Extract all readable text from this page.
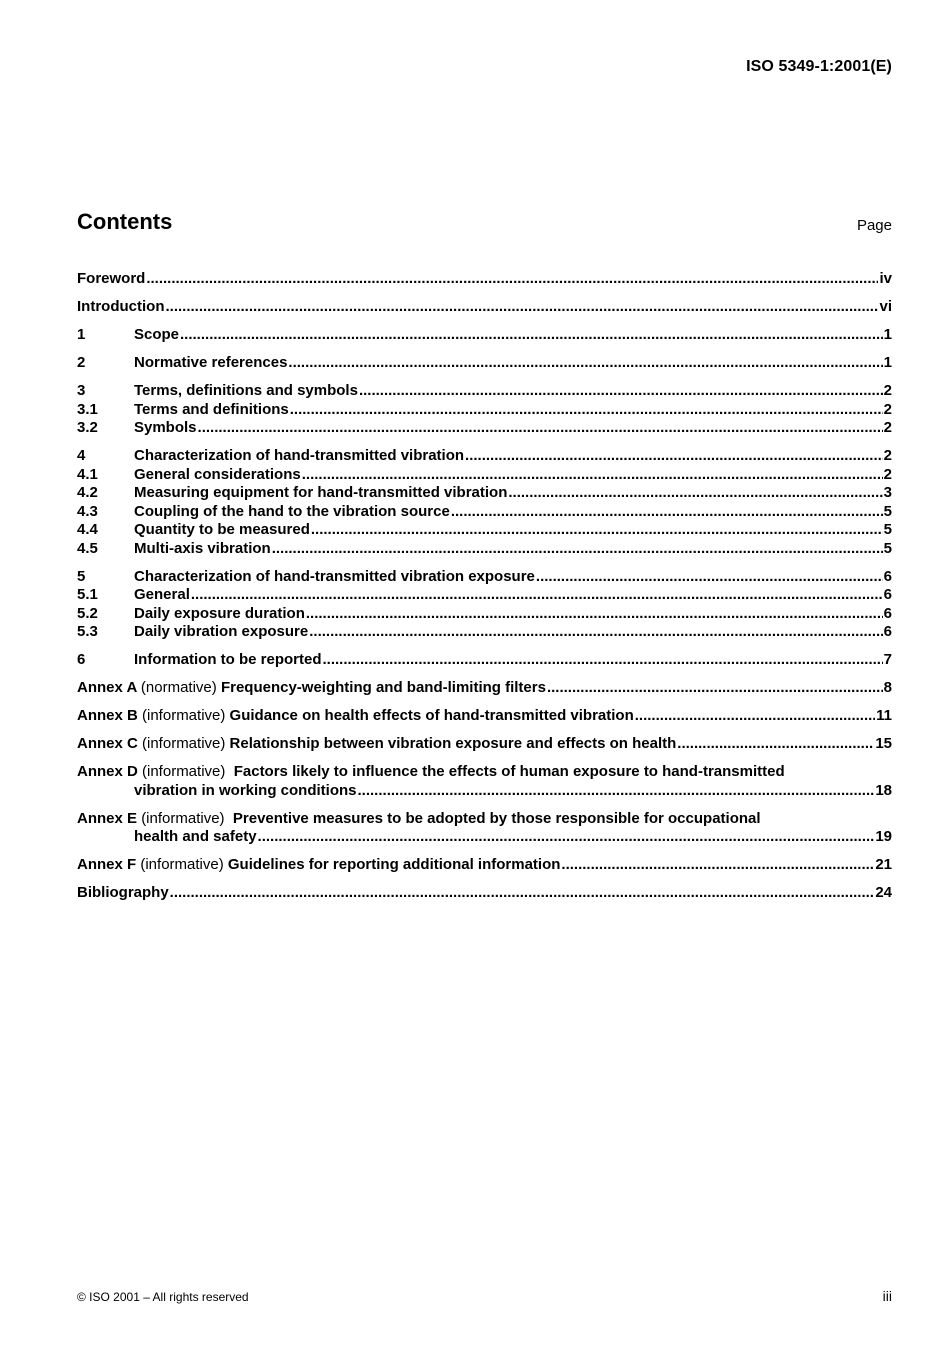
ISO 5349-1:2001(E)
Contents	Page
Foreword .....	iv
Introduction .....	vi
1	Scope .....	1
2	Normative references .....	1
3	Terms, definitions and symbols .....	2
3.1	Terms and definitions .....	2
3.2	Symbols .....	2
4	Characterization of hand-transmitted vibration .....	2
4.1	General considerations .....	2
4.2	Measuring equipment for hand-transmitted vibration .....	3
4.3	Coupling of the hand to the vibration source .....	5
4.4	Quantity to be measured .....	5
4.5	Multi-axis vibration .....	5
5	Characterization of hand-transmitted vibration exposure .....	6
5.1	General .....	6
5.2	Daily exposure duration .....	6
5.3	Daily vibration exposure .....	6
6	Information to be reported .....	7
Annex A (normative) Frequency-weighting and band-limiting filters .....	8
Annex B (informative) Guidance on health effects of hand-transmitted vibration .....	11
Annex C (informative) Relationship between vibration exposure and effects on health .....	15
Annex D (informative) Factors likely to influence the effects of human exposure to hand-transmitted
vibration in working conditions .....	18
Annex E (informative) Preventive measures to be adopted by those responsible for occupational
health and safety .....	19
Annex F (informative) Guidelines for reporting additional information .....	21
Bibliography .....	24
© ISO 2001 – All rights reserved	iii
